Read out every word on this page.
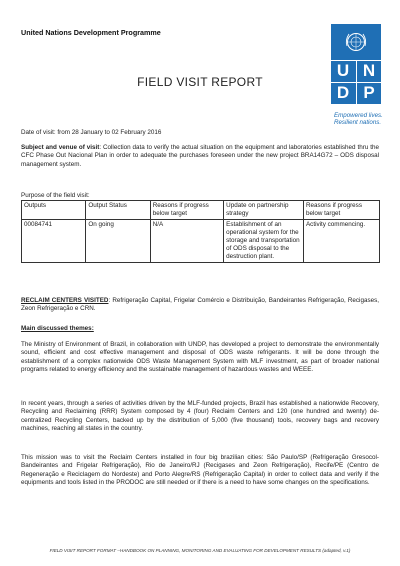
United Nations Development Programme
U N
D P
Empowered lives.
Resilient nations.
FIELD VISIT REPORT
Date of visit: from 28 January to 02 February 2016
Subject and venue of visit: Collection data to verify the actual situation on the equipment and laboratories established thru the CFC Phase Out Nacional Plan in order to adequate the purchases foreseen under the new project BRA14G72 – ODS disposal management system.
Purpose of the field visit:
Outputs	Output Status	Reasons if progress below target	Update on partnership strategy	Reasons if progress below target
00084741	On going	N/A	Establishment of an operational system for the storage and transportation of ODS disposal to the destruction plant.	Activity commencing.
RECLAIM CENTERS VISITED: Refrigeração Capital, Frigelar Comércio e Distribuição, Bandeirantes Refrigeração, Recigases, Zeon Refrigeração e CRN.
Main discussed themes:
The Ministry of Environment of Brazil, in collaboration with UNDP, has developed a project to demonstrate the environmentally sound, efficient and cost effective management and disposal of ODS waste refrigerants. It will be done through the establishment of a complex nationwide ODS Waste Management System with MLF investment, as part of broader national programs related to energy efficiency and the sustainable management of hazardous wastes and WEEE.
In recent years, through a series of activities driven by the MLF-funded projects, Brazil has established a nationwide Recovery, Recycling and Reclaiming (RRR) System composed by 4 (four) Reclaim Centers and 120 (one hundred and twenty) de-centralized Recycling Centers, backed up by the distribution of 5,000 (five thousand) tools, recovery bags and recovery machines, reaching all states in the country.
This mission was to visit the Reclaim Centers installed in four big brazilian cities: São Paulo/SP (Refrigeração Gresocol-Bandeirantes and Frigelar Refrigeração), Rio de Janeiro/RJ (Recigases and Zeon Refrigeração), Recife/PE (Centro de Regeneração e Reciclagem do Nordeste) and Porto Alegre/RS (Refrigeração Capital) in order to collect data and verify if the equipments and tools listed in the PRODOC are still needed or if there is a need to have some changes on the specifications.
FIELD VISIT REPORT FORMAT –HANDBOOK ON PLANNING, MONITORING AND EVALUATING FOR DEVELOPMENT RESULTS (adapted, v.1)
